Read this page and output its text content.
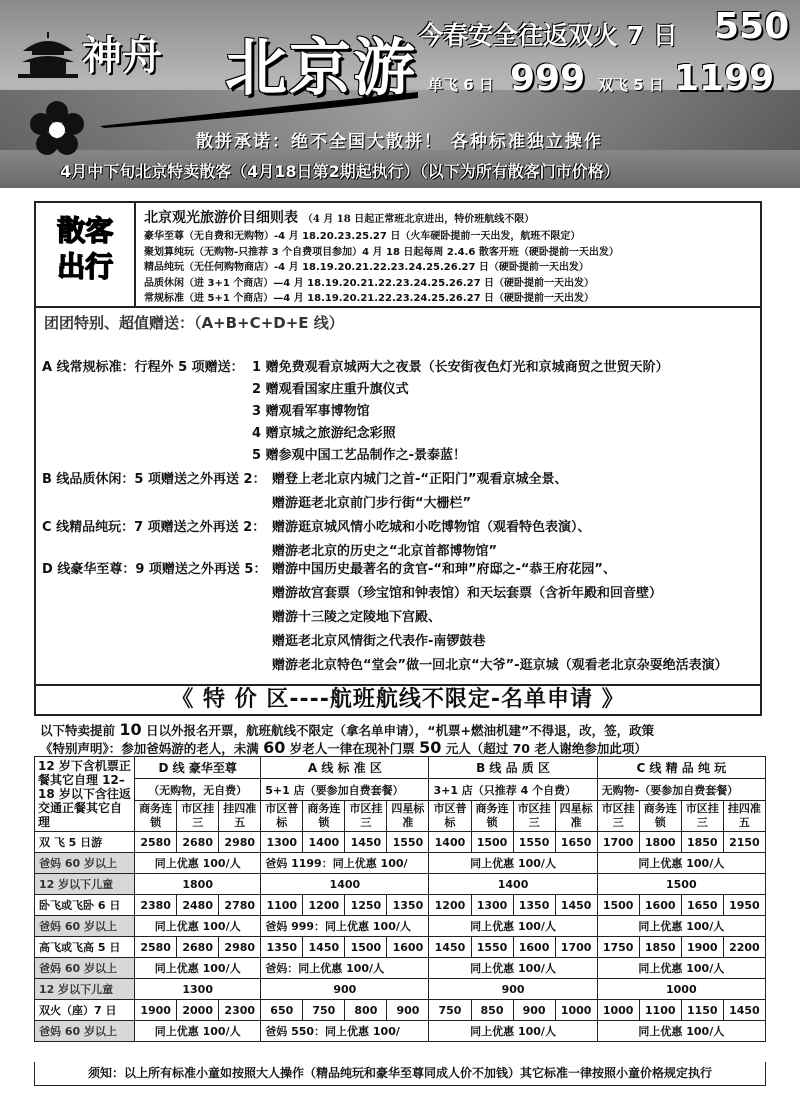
神舟 北京游 今春安全往返双火 7 日 550
单飞 6 日 999 双飞 5 日 1199
散拼承诺：绝不全国大散拼！ 各种标准独立操作
4月中下旬北京特卖散客（4月18日第2期起执行）（以下为所有散客门市价格）
散客
出行
北京观光旅游价目细则表 （4 月 18 日起正常班北京进出，特价班航线不限）
豪华至尊（无自费和无购物）-4 月 18.20.23.25.27 日（火车硬卧提前一天出发，航班不限定）
聚划算纯玩（无购物-只推荐 3 个自费项目参加）4 月 18 日起每周 2.4.6 散客开班（硬卧提前一天出发）
精品纯玩（无任何购物商店）-4 月 18.19.20.21.22.23.24.25.26.27 日（硬卧提前一天出发）
品质休闲（进 3+1 个商店）—4 月 18.19.20.21.22.23.24.25.26.27 日（硬卧提前一天出发）
常规标准（进 5+1 个商店）—4 月 18.19.20.21.22.23.24.25.26.27 日（硬卧提前一天出发）
团团特别、超值赠送：（A+B+C+D+E 线）
A 线常规标准：行程外 5 项赠送： 1 赠免费观看京城两大之夜景（长安街夜色灯光和京城商贸之世贸天阶）
2 赠观看国家庄重升旗仪式
3 赠观看军事博物馆
4 赠京城之旅游纪念彩照
5 赠参观中国工艺品制作之-景泰蓝！
B 线品质休闲：5 项赠送之外再送 2： 赠登上老北京内城门之首-“正阳门”观看京城全景、
赠游逛老北京前门步行街“大栅栏”
C 线精品纯玩：7 项赠送之外再送 2： 赠游逛京城风情小吃城和小吃博物馆（观看特色表演）、
赠游老北京的历史之“北京首都博物馆”
D 线豪华至尊：9 项赠送之外再送 5： 赠游中国历史最著名的贪官-“和珅”府邸之-“恭王府花园”、
赠游故宫套票（珍宝馆和钟表馆）和天坛套票（含祈年殿和回音壁）
赠游十三陵之定陵地下宫殿、
赠逛老北京风情街之代表作-南锣鼓巷
赠游老北京特色“堂会”做一回北京“大爷”-逛京城（观看老北京杂耍绝活表演）
《 特 价 区----航班航线不限定-名单申请 》
以下特卖提前 10 日以外报名开票，航班航线不限定（拿名单申请），“机票+燃油机建”不得退，改，签，政策
《特别声明》：参加爸妈游的老人，未满 60 岁老人一律在现补门票 50 元人（超过 70 老人谢绝参加此项）
12 岁下含机票正餐其它自理 12–18 岁以下含往返交通正餐其它自理	D 线 豪华至尊			A 线 标 准 区				B 线 品 质 区				C 线 精 品 纯 玩			
	（无购物，无自费）			5+1 店（要参加自费套餐）				3+1 店（只推荐 4 个自费）				无购物-（要参加自费套餐）			
	商务连锁	市区挂三	挂四准五	市区普标	商务连锁	市区挂三	四星标准	市区普标	商务连锁	市区挂三	四星标准	市区挂三	商务连锁	市区挂三	挂四准五
双 飞 5 日游	2580	2680	2980	1300	1400	1450	1550	1400	1500	1550	1650	1700	1800	1850	2150
爸妈 60 岁以上	同上优惠 100/人			爸妈 1199：同上优惠 100/				同上优惠 100/人				同上优惠 100/人			
12 岁以下儿童	1800			1400				1400				1500			
卧飞或飞卧 6 日	2380	2480	2780	1100	1200	1250	1350	1200	1300	1350	1450	1500	1600	1650	1950
爸妈 60 岁以上	同上优惠 100/人			爸妈 999：同上优惠 100/人				同上优惠 100/人				同上优惠 100/人			
高飞或飞高 5 日	2580	2680	2980	1350	1450	1500	1600	1450	1550	1600	1700	1750	1850	1900	2200
爸妈 60 岁以上	同上优惠 100/人			爸妈：同上优惠 100/人				同上优惠 100/人				同上优惠 100/人			
12 岁以下儿童	1300			900				900				1000			
双火（座）7 日	1900	2000	2300	650	750	800	900	750	850	900	1000	1000	1100	1150	1450
爸妈 60 岁以上	同上优惠 100/人			爸妈 550：同上优惠 100/				同上优惠 100/人				同上优惠 100/人			
须知：以上所有标准小童如按照大人操作（精品纯玩和豪华至尊同成人价不加钱）其它标准一律按照小童价格规定执行
